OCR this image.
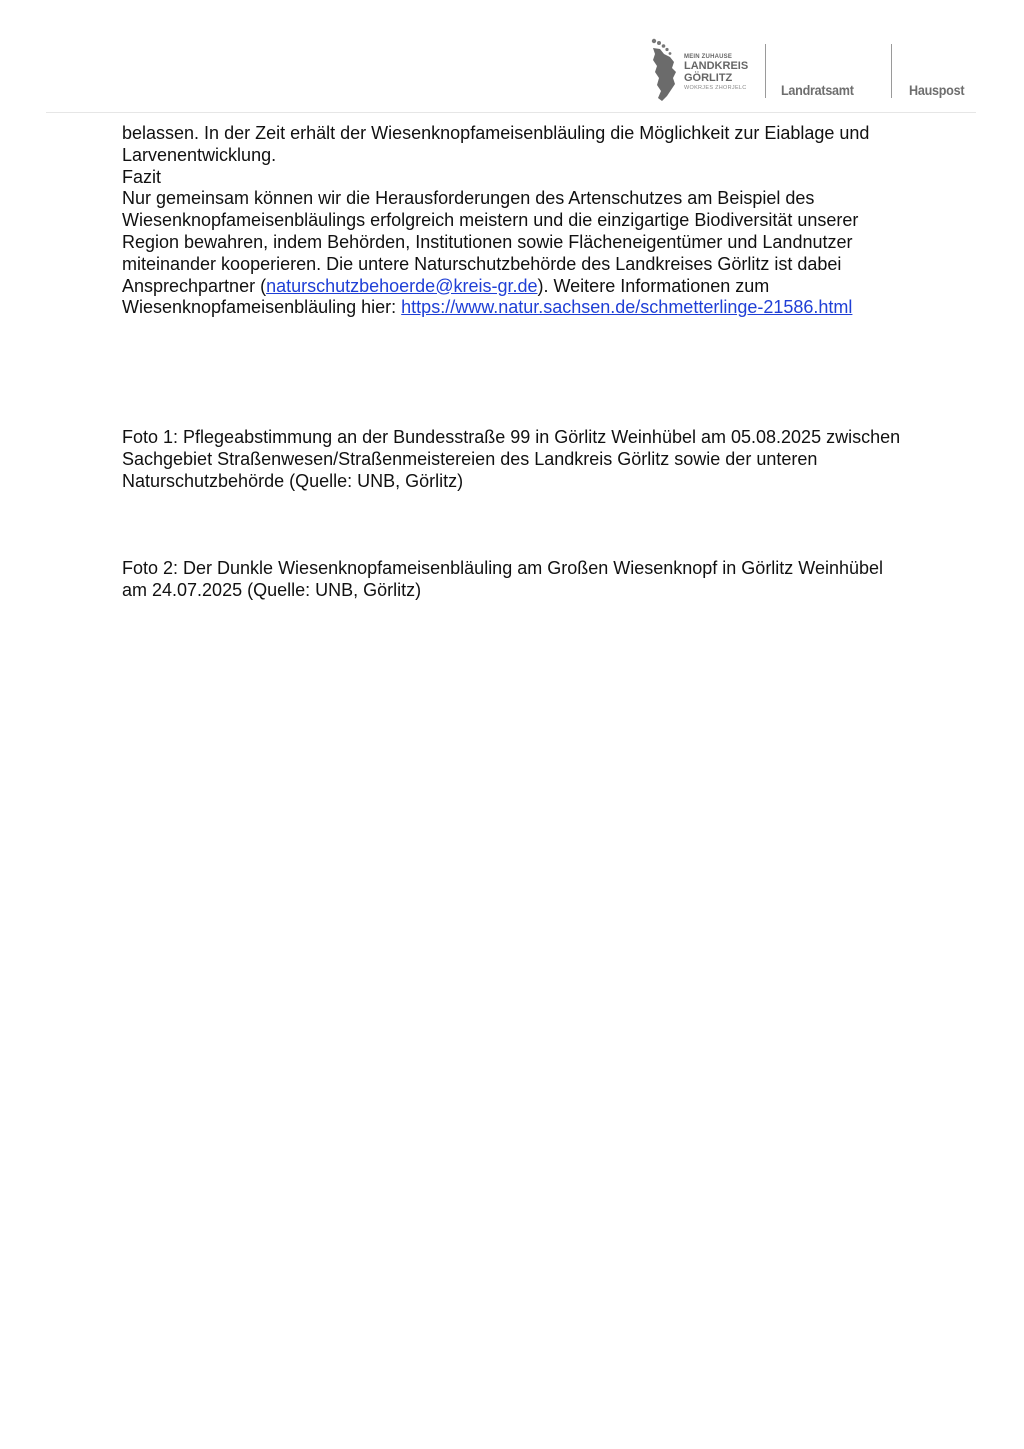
MEIN ZUHAUSE
LANDKREIS
GÖRLITZ
WOKRJES ZHORJELC Landratsamt	Hauspost

belassen. In der Zeit erhält der Wiesenknopfameisenbläuling die Möglichkeit zur Eiablage und Larvenentwicklung.

Fazit

Nur gemeinsam können wir die Herausforderungen des Artenschutzes am Beispiel des Wiesenknopfameisenbläulings erfolgreich meistern und die einzigartige Biodiversität unserer Region bewahren, indem Behörden, Institutionen sowie Flächeneigentümer und Landnutzer miteinander kooperieren. Die untere Naturschutzbehörde des Landkreises Görlitz ist dabei Ansprechpartner (naturschutzbehoerde@kreis-gr.de). Weitere Informationen zum Wiesenknopfameisenbläuling hier: https://www.natur.sachsen.de/schmetterlinge-21586.html

Foto 1: Pflegeabstimmung an der Bundesstraße 99 in Görlitz Weinhübel am 05.08.2025 zwischen Sachgebiet Straßenwesen/Straßenmeistereien des Landkreis Görlitz sowie der unteren Naturschutzbehörde (Quelle: UNB, Görlitz)

Foto 2: Der Dunkle Wiesenknopfameisenbläuling am Großen Wiesenknopf in Görlitz Weinhübel am 24.07.2025 (Quelle: UNB, Görlitz)
